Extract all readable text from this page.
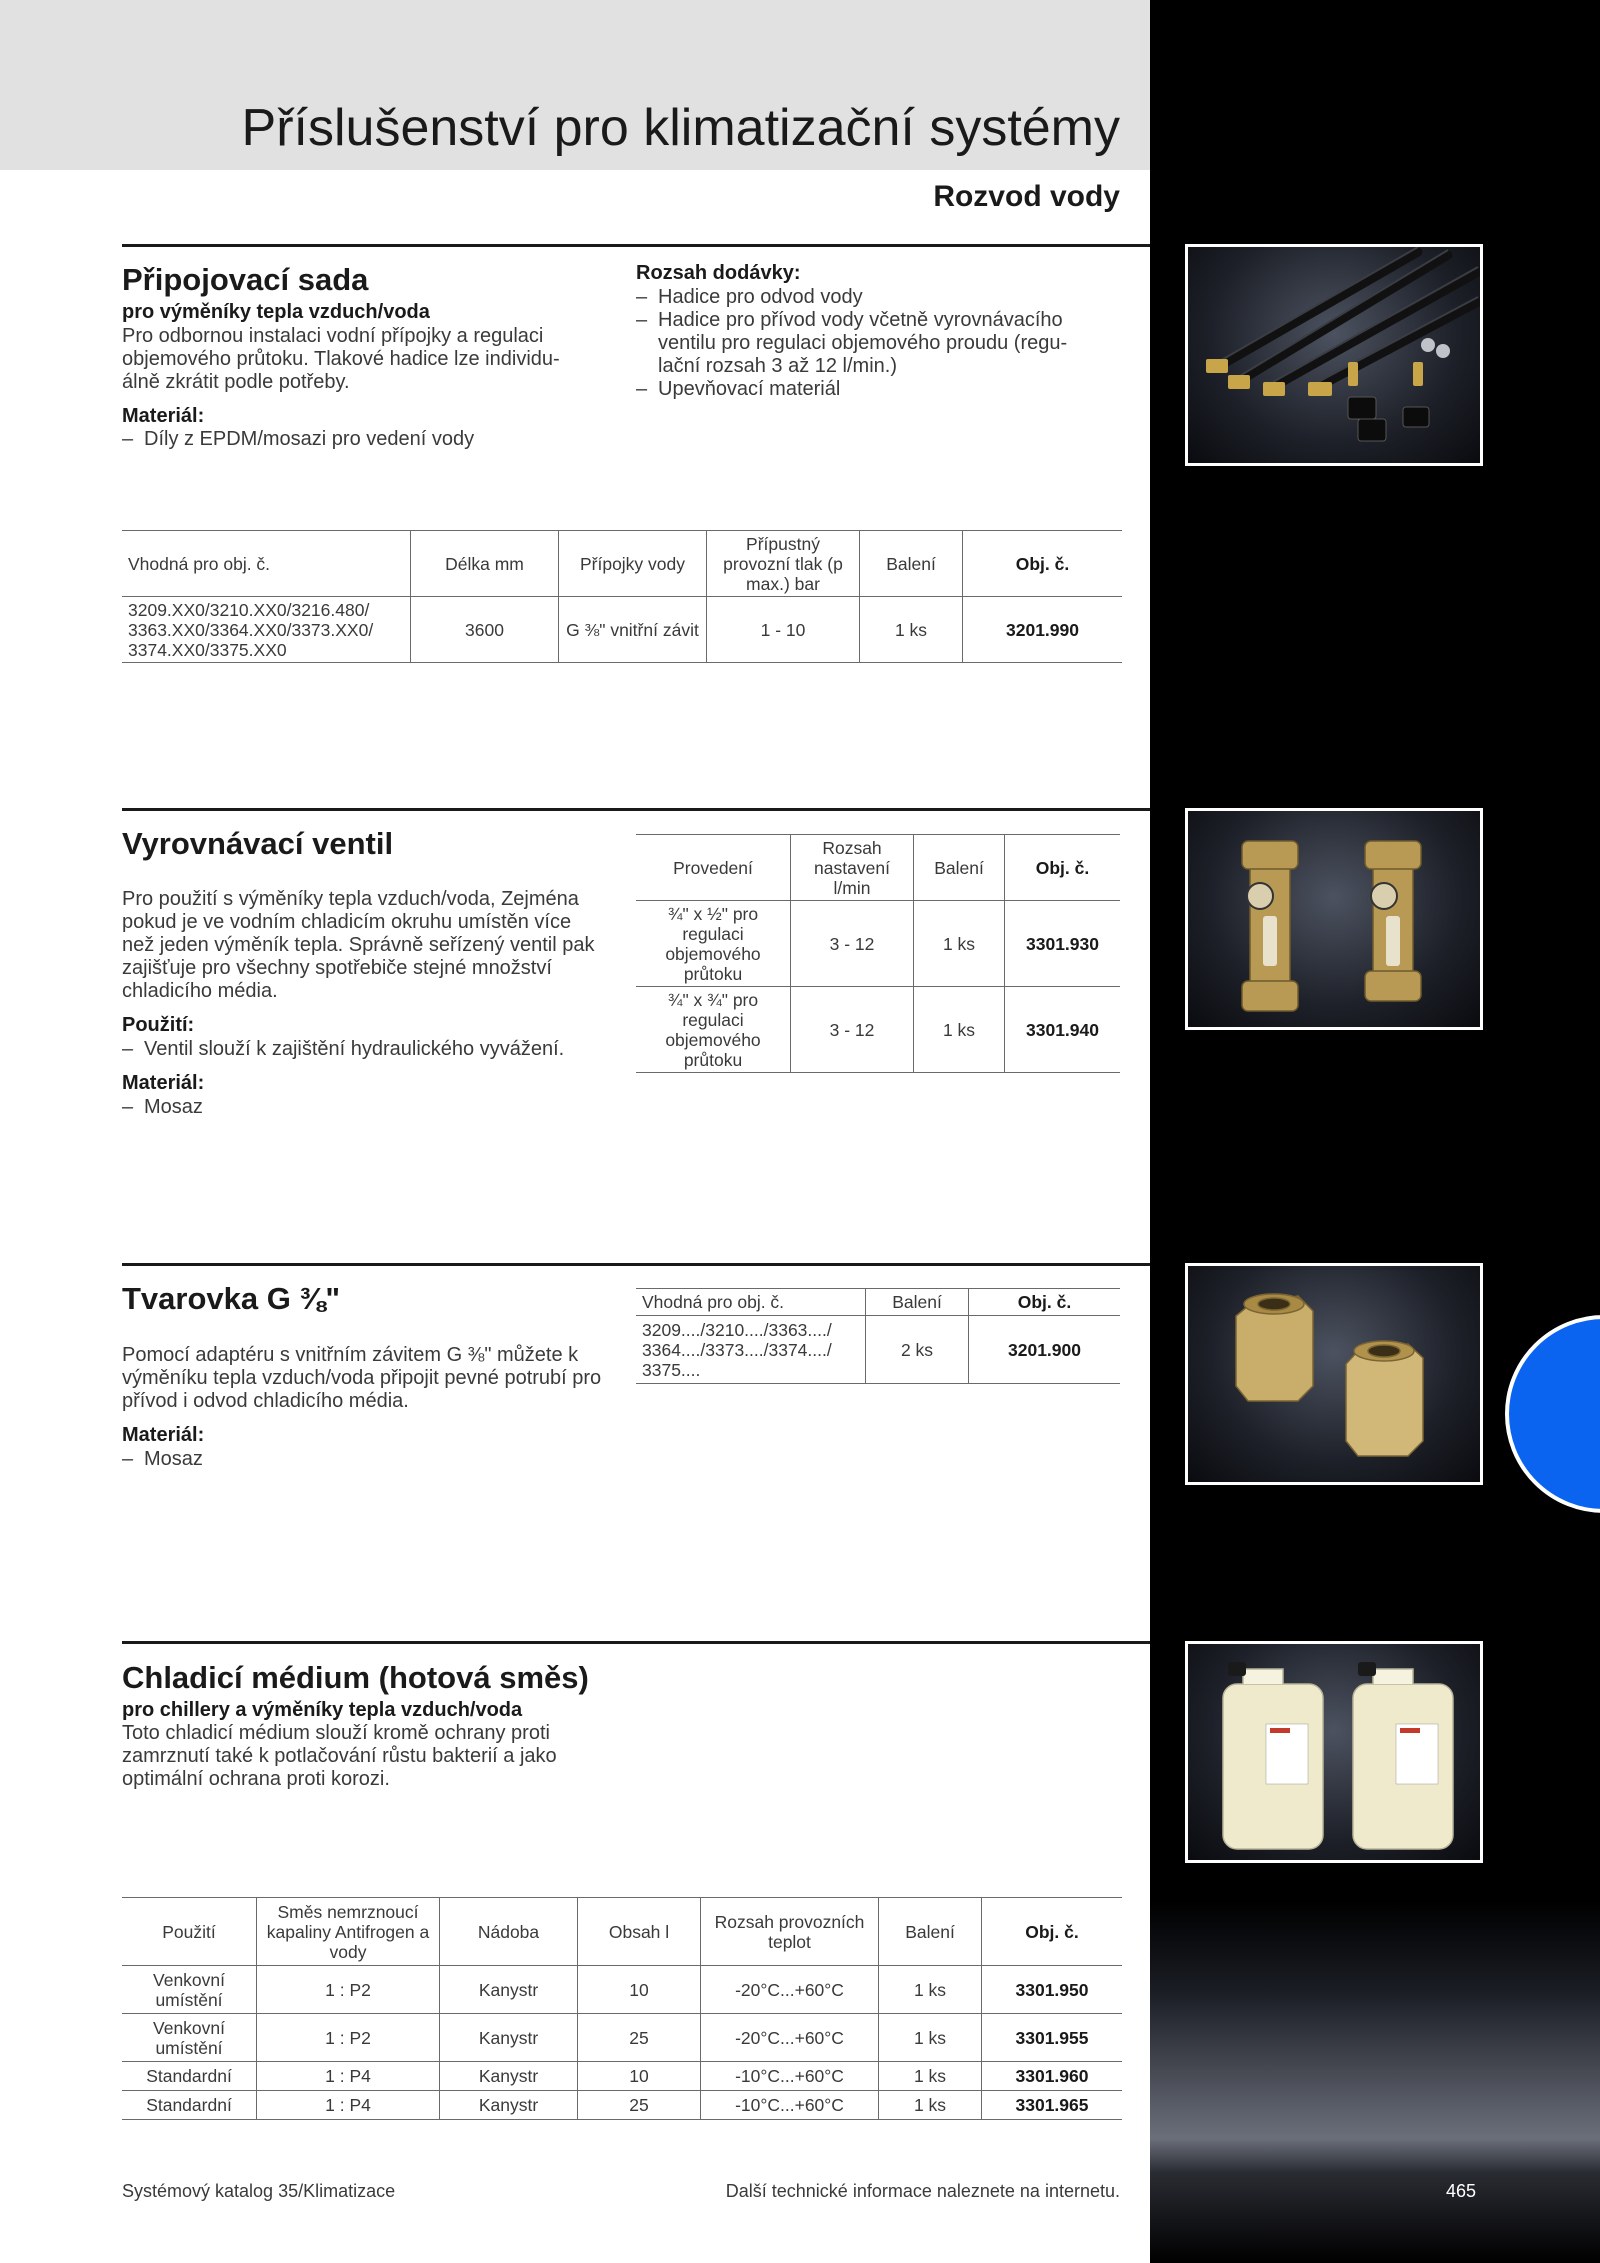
Příslušenství pro klimatizační systémy
Rozvod vody
Připojovací sada
pro výměníky tepla vzduch/voda
Pro odbornou instalaci vodní přípojky a regulaci objemového průtoku. Tlakové hadice lze individu-álně zkrátit podle potřeby.
Materiál:
– Díly z EPDM/mosazi pro vedení vody
Rozsah dodávky:
– Hadice pro odvod vody
– Hadice pro přívod vody včetně vyrovnávacího ventilu pro regulaci objemového proudu (regu-lační rozsah 3 až 12 l/min.)
– Upevňovací materiál
Vhodná pro obj. č.	Délka mm	Přípojky vody	Přípustný provozní tlak (p max.) bar	Balení	Obj. č.
3209.XX0/3210.XX0/3216.480/ 3363.XX0/3364.XX0/3373.XX0/ 3374.XX0/3375.XX0	3600	G ⅜" vnitřní závit	1 - 10	1 ks	3201.990
Vyrovnávací ventil
Pro použití s výměníky tepla vzduch/voda, Zejména pokud je ve vodním chladicím okruhu umístěn více než jeden výměník tepla. Správně seřízený ventil pak zajišťuje pro všechny spotřebiče stejné množství chladicího média.
Použití:
– Ventil slouží k zajištění hydraulického vyvážení.
Materiál:
– Mosaz
Provedení	Rozsah nastavení l/min	Balení	Obj. č.
¾" x ½" pro regulaci objemového průtoku	3 - 12	1 ks	3301.930
¾" x ¾" pro regulaci objemového průtoku	3 - 12	1 ks	3301.940
Tvarovka G ⅜"
Pomocí adaptéru s vnitřním závitem G ⅜" můžete k výměníku tepla vzduch/voda připojit pevné potrubí pro přívod i odvod chladicího média.
Materiál:
– Mosaz
Vhodná pro obj. č.	Balení	Obj. č.
3209..../3210..../3363..../ 3364..../3373..../3374..../ 3375....	2 ks	3201.900
Chladicí médium (hotová směs)
pro chillery a výměníky tepla vzduch/voda
Toto chladicí médium slouží kromě ochrany proti zamrznutí také k potlačování růstu bakterií a jako optimální ochrana proti korozi.
Použití	Směs nemrznoucí kapaliny Antifrogen a vody	Nádoba	Obsah l	Rozsah provozních teplot	Balení	Obj. č.
Venkovní umístění	1 : P2	Kanystr	10	-20°C...+60°C	1 ks	3301.950
Venkovní umístění	1 : P2	Kanystr	25	-20°C...+60°C	1 ks	3301.955
Standardní	1 : P4	Kanystr	10	-10°C...+60°C	1 ks	3301.960
Standardní	1 : P4	Kanystr	25	-10°C...+60°C	1 ks	3301.965
Systémový katalog 35/Klimatizace	Další technické informace naleznete na internetu.	465
